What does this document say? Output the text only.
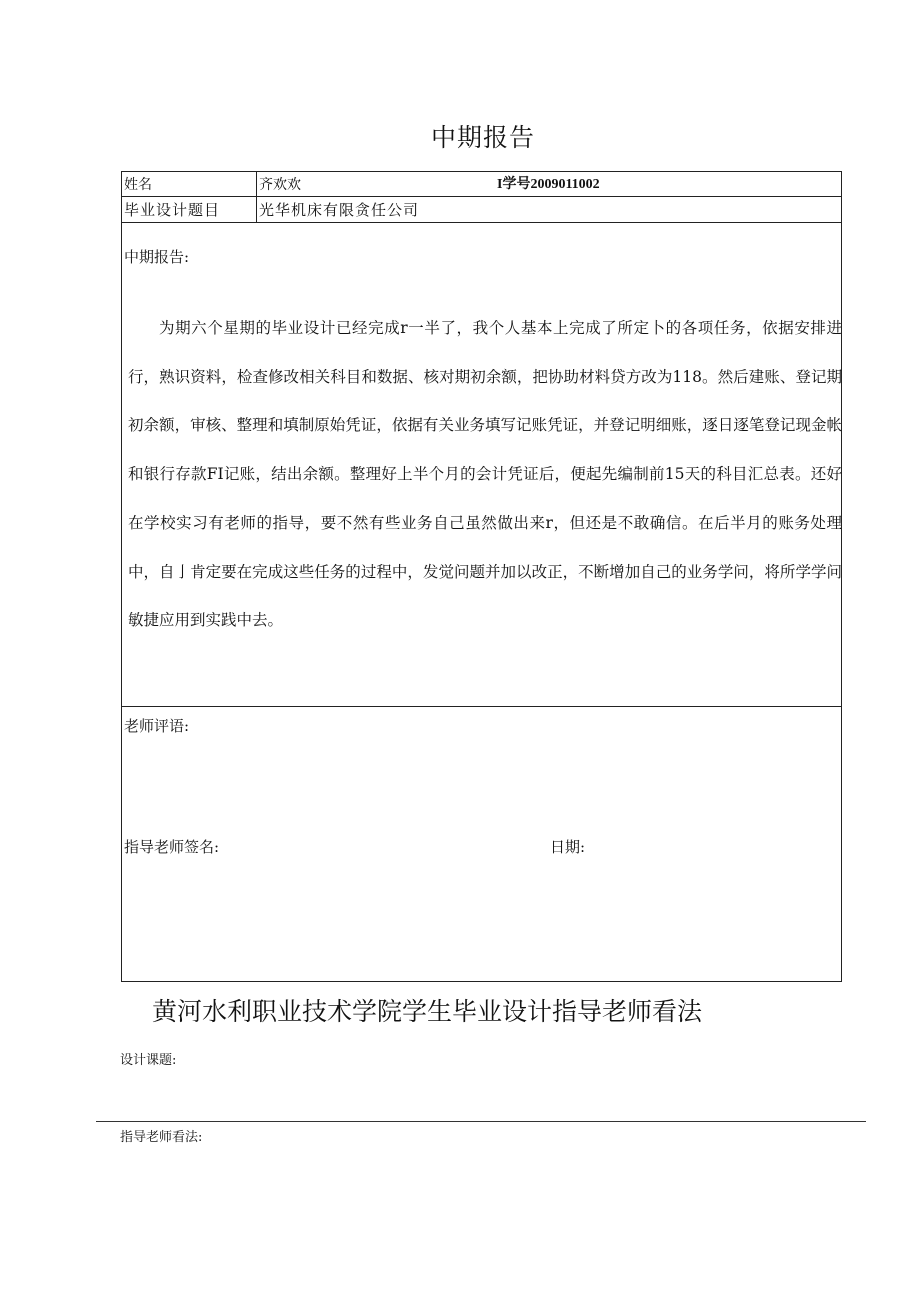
中期报告
姓名	齐欢欢	I学号2009011002
毕业设计题目	光华机床有限贪任公司
中期报告:

为期六个星期的毕业设计已经完成r一半了，我个人基本上完成了所定卜的各项任务，依据安排进行，熟识资料，检查修改相关科目和数据、核对期初余额，把协助材料贷方改为118。然后建账、登记期初余额，审核、整理和填制原始凭证，依据有关业务填写记账凭证，并登记明细账，逐日逐笔登记现金帐和银行存款FI记账，结出余额。整理好上半个月的会计凭证后，便起先编制前15天的科目汇总表。还好在学校实习有老师的指导，要不然有些业务自己虽然做出来r，但还是不敢确信。在后半月的账务处理中，自亅肯定要在完成这些任务的过程中，发觉问题并加以改正，不断增加自己的业务学问，将所学学问敏捷应用到实践中去。

老师评语:
指导老师签名:	日期:
黄河水利职业技术学院学生毕业设计指导老师看法
设计课题:
指导老师看法:
